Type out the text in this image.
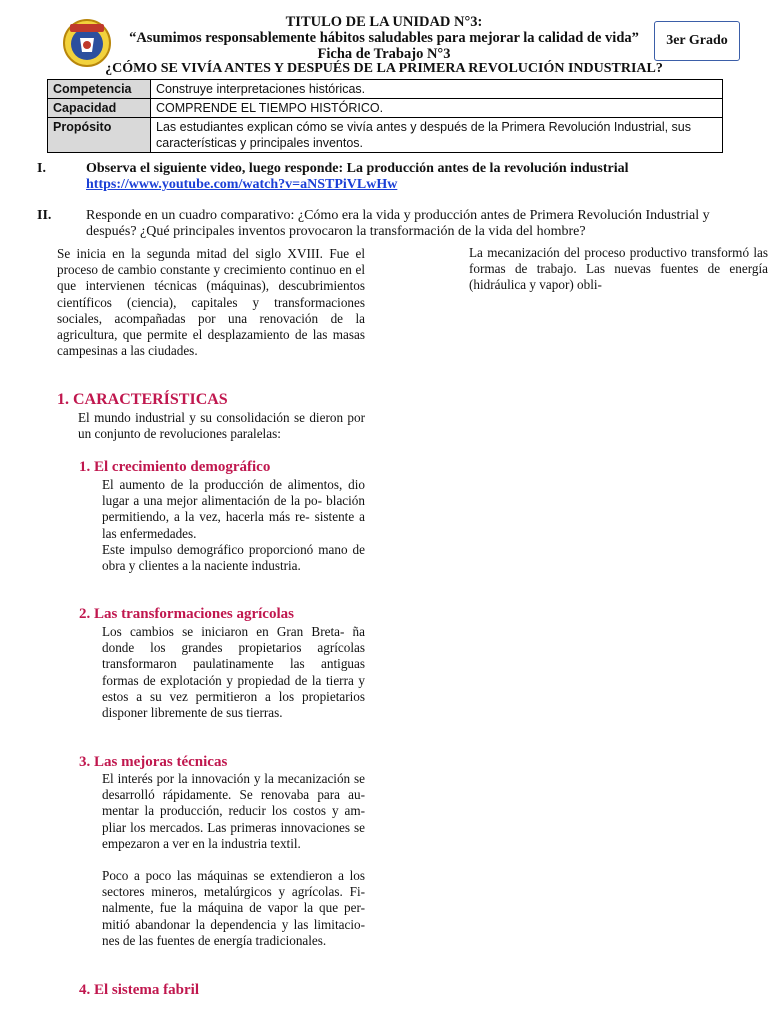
TITULO DE LA UNIDAD N°3:
“Asumimos responsablemente hábitos saludables para mejorar la calidad de vida”
Ficha de Trabajo N°3
¿CÓMO SE VIVÍA ANTES Y DESPUÉS DE LA PRIMERA REVOLUCIÓN INDUSTRIAL?
3er Grado
Competencia	Construye interpretaciones históricas.
Capacidad	COMPRENDE EL TIEMPO HISTÓRICO.
Propósito	Las estudiantes explican cómo se vivía antes y después de la Primera Revolución Industrial, sus características y principales inventos.
I.	Observa el siguiente video, luego responde: La producción antes de la revolución industrial
https://www.youtube.com/watch?v=aNSTPiVLwHw
II. Responde en un cuadro comparativo: ¿Cómo era la vida y producción antes de Primera Revolución Industrial y después? ¿Qué principales inventos provocaron la transformación de la vida del hombre?
Se inicia en la segunda mitad del siglo XVIII. Fue el proceso de cambio constante y crecimiento continuo en el que intervienen técnicas (máquinas), descubrimientos científicos (ciencia), capitales y transformaciones sociales, acompañadas por una renovación de la agricultura, que permite el desplazamiento de las masas campesinas a las ciudades.
La mecanización del proceso productivo transformó las formas de trabajo. Las nuevas fuentes de energía (hidráulica y vapor) obli-
1. CARACTERÍSTICAS
El mundo industrial y su consolidación se dieron por un conjunto de revoluciones paralelas:
1. El crecimiento demográfico
El aumento de la producción de alimentos, dio lugar a una mejor alimentación de la po- blación permitiendo, a la vez, hacerla más re- sistente a las enfermedades.
Este impulso demográfico proporcionó mano de obra y clientes a la naciente industria.
2. Las transformaciones agrícolas
Los cambios se iniciaron en Gran Breta- ña donde los grandes propietarios agrícolas transformaron paulatinamente las antiguas formas de explotación y propiedad de la tierra y estos a su vez permitieron a los propietarios disponer libremente de sus tierras.
3. Las mejoras técnicas
El interés por la innovación y la mecanización se desarrolló rápidamente. Se renovaba para au- mentar la producción, reducir los costos y am- pliar los mercados. Las primeras innovaciones se empezaron a ver en la industria textil.
Poco a poco las máquinas se extendieron a los sectores mineros, metalúrgicos y agrícolas. Fi- nalmente, fue la máquina de vapor la que per- mitió abandonar la dependencia y las limitacio- nes de las fuentes de energía tradicionales.
4. El sistema fabril
